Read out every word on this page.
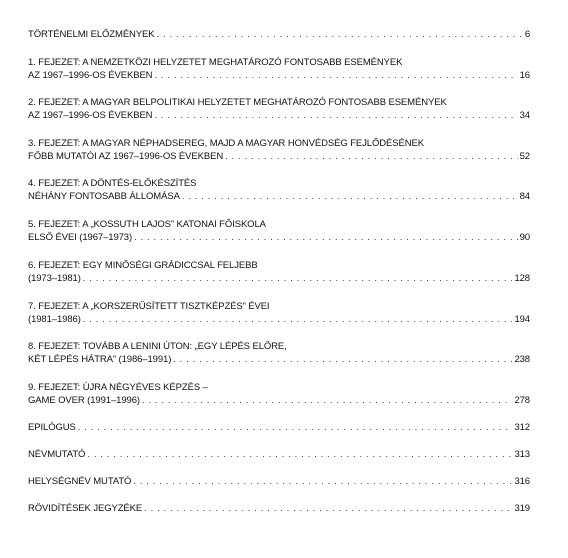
TÖRTÉNELMI ELŐZMÉNYEK . . .	6
1. FEJEZET: A NEMZETKÖZI HELYZETET MEGHATÁROZÓ FONTOSABB ESEMÉNYEK
AZ 1967–1996-OS ÉVEKBEN . . .	16
2. FEJEZET: A MAGYAR BELPOLITIKAI HELYZETET MEGHATÁROZÓ FONTOSABB ESEMÉNYEK
AZ 1967–1996-OS ÉVEKBEN . . .	34
3. FEJEZET: A MAGYAR NÉPHADSEREG, MAJD A MAGYAR HONVÉDSÉG FEJLŐDÉSÉNEK
FŐBB MUTATÓI AZ 1967–1996-OS ÉVEKBEN . . .	52
4. FEJEZET: A DÖNTÉS-ELŐKÉSZÍTÉS
NÉHÁNY FONTOSABB ÁLLOMÁSA . . .	84
5. FEJEZET: A „KOSSUTH LAJOS” KATONAI FŐISKOLA
ELSŐ ÉVEI (1967–1973) . . .	90
6. FEJEZET: EGY MINŐSÉGI GRÁDICCSAL FELJEBB
(1973–1981) . . .	128
7. FEJEZET: A „KORSZERŰSÍTETT TISZTKÉPZÉS” ÉVEI
(1981–1986) . . .	194
8. FEJEZET: TOVÁBB A LENINI ÚTON: „EGY LÉPÉS ELŐRE,
KÉT LÉPÉS HÁTRA” (1986–1991) . . .	238
9. FEJEZET: ÚJRA NÉGYÉVES KÉPZÉS –
GAME OVER (1991–1996) . . .	278
EPILÓGUS . . .	312
NÉVMUTATÓ . . .	313
HELYSÉGNÉV MUTATÓ . . .	316
RÖVIDÍTÉSEK JEGYZÉKE . . .	319
